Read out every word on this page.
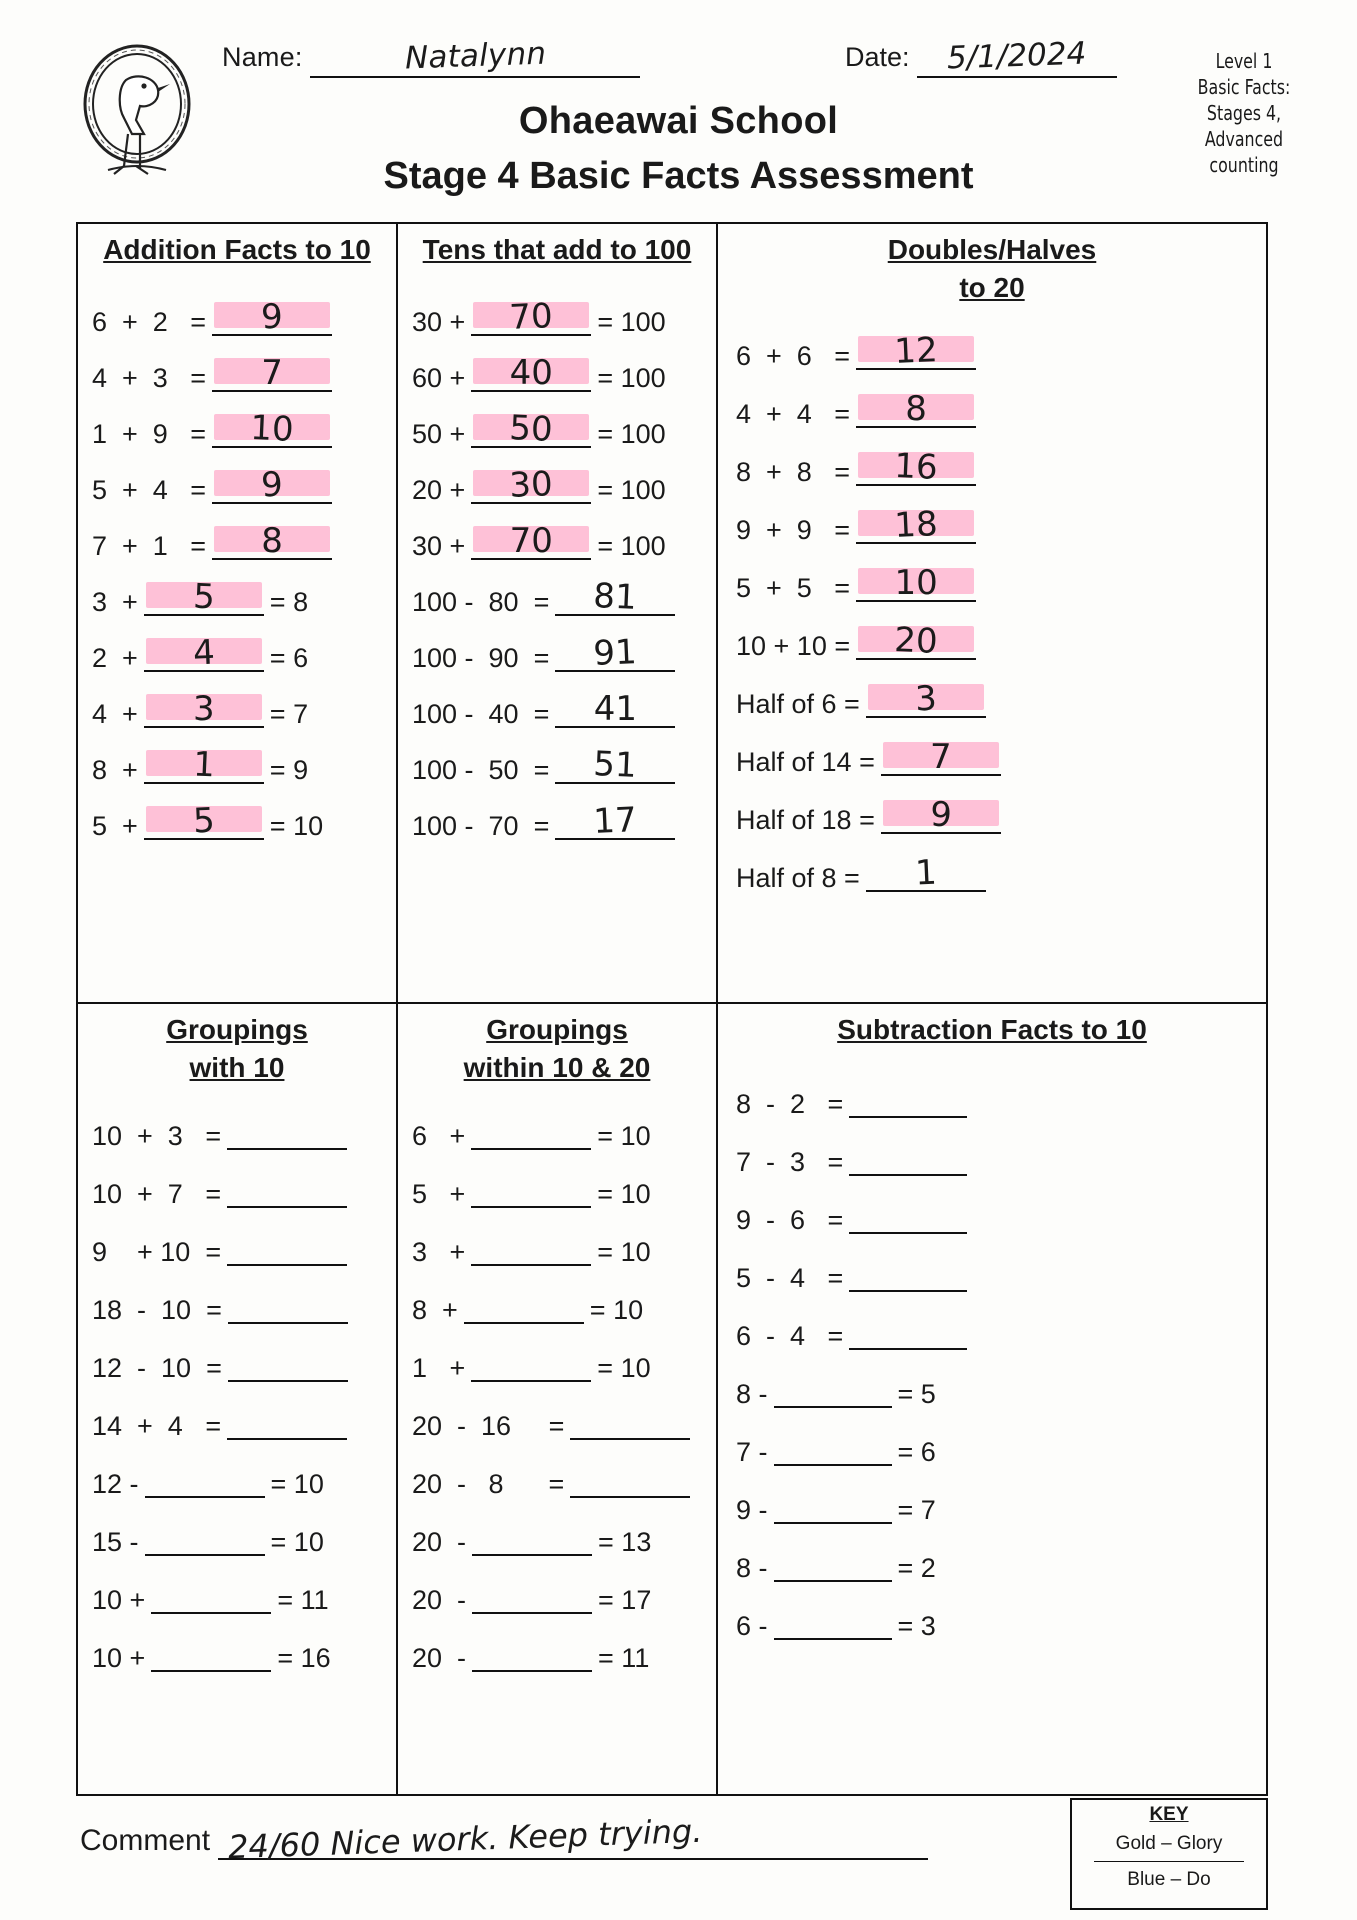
Name:	Natalynn	Date: 5/1/2024
Ohaeawai School
Stage 4 Basic Facts Assessment
Level 1
Basic Facts:
Stages 4,
Advanced counting
Addition Facts to 10
6  +  2   = 9
4  +  3   = 7
1  +  9   = 10
5  +  4   = 9
7  +  1   = 8
3  + 5 = 8
2  + 4 = 6
4  + 3 = 7
8  + 1 = 9
5  + 5 = 10
Tens that add to 100
30 + 70 = 100
60 + 40 = 100
50 + 50 = 100
20 + 30 = 100
30 + 70 = 100
100 -  80  = 81
100 -  90  = 91
100 -  40  = 41
100 -  50  = 51
100 -  70  = 17
Doubles/Halves
to 20
6  +  6   = 12
4  +  4   = 8
8  +  8   = 16
9  +  9   = 18
5  +  5   = 10
10 + 10 = 20
Half of 6 = 3
Half of 14 = 7
Half of 18 = 9
Half of 8 = 1
Groupings
with 10
10  +  3   =
10  +  7   =
9    + 10  =
18  -  10  =
12  -  10  =
14  +  4   =
12 -	= 10
15 -	= 10
10 +	= 11
10 +	= 16
Groupings
within 10 & 20
6   +	= 10
5   +	= 10
3   +	= 10
8  +	= 10
1   +	= 10
20  -  16     =
20  -   8      =
20  -	= 13
20  -	= 17
20  -	= 11
Subtraction Facts to 10
8  -  2   =
7  -  3   =
9  -  6   =
5  -  4   =
6  -  4   =
8 -	= 5
7 -	= 6
9 -	= 7
8 -	= 2
6 -	= 3
Comment 24/60 Nice work. Keep trying.	KEY
Gold – Glory
Blue – Do
